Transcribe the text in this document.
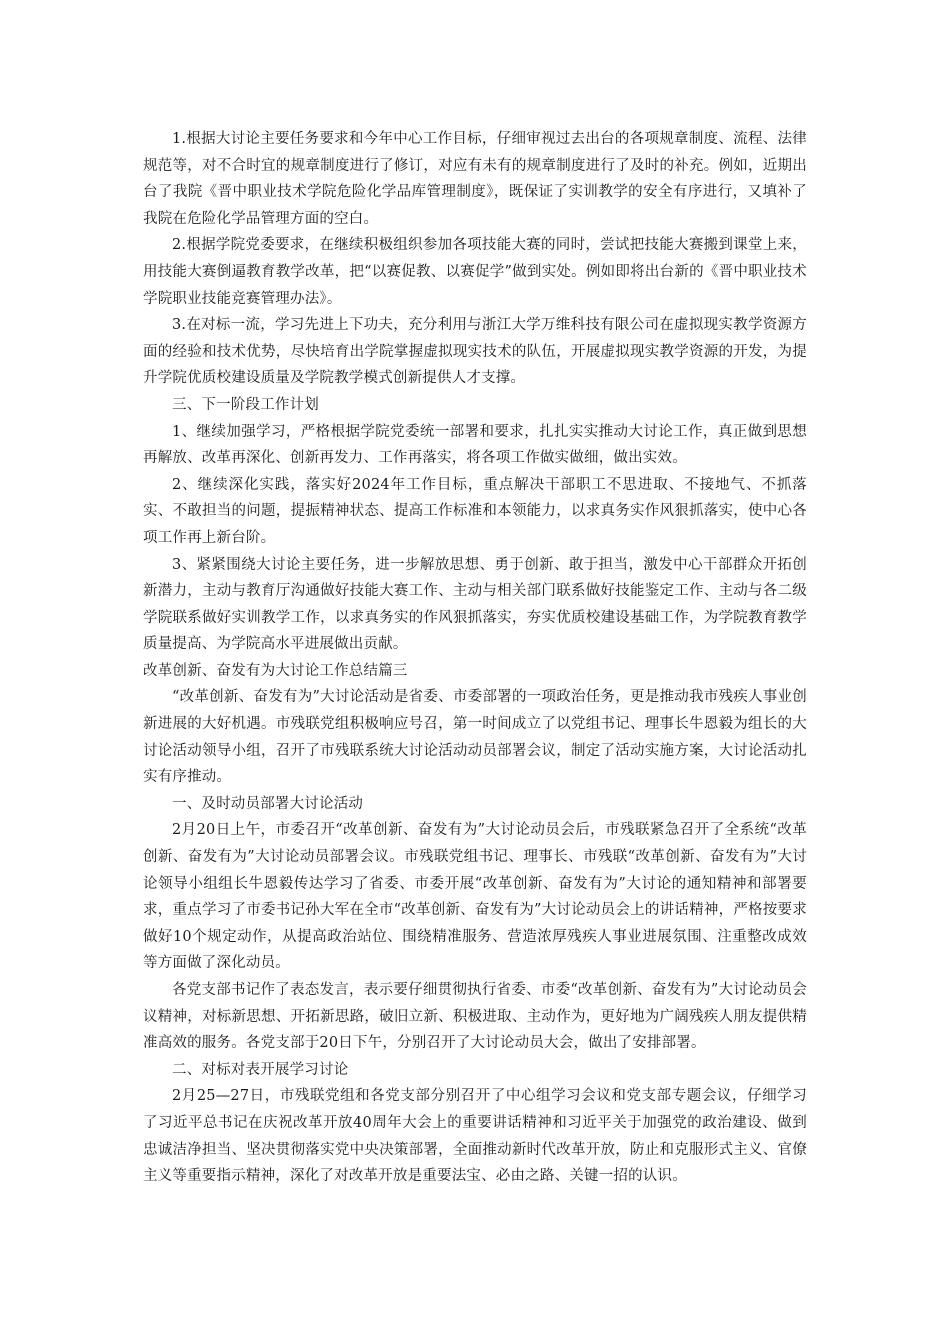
1.根据大讨论主要任务要求和今年中心工作目标，仔细审视过去出台的各项规章制度、流程、法律规范等，对不合时宜的规章制度进行了修订，对应有未有的规章制度进行了及时的补充。例如，近期出台了我院《晋中职业技术学院危险化学品库管理制度》，既保证了实训教学的安全有序进行，又填补了我院在危险化学品管理方面的空白。

2.根据学院党委要求，在继续积极组织参加各项技能大赛的同时，尝试把技能大赛搬到课堂上来，用技能大赛倒逼教育教学改革，把“以赛促教、以赛促学”做到实处。例如即将出台新的《晋中职业技术学院职业技能竞赛管理办法》。

3.在对标一流，学习先进上下功夫，充分利用与浙江大学万维科技有限公司在虚拟现实教学资源方面的经验和技术优势，尽快培育出学院掌握虚拟现实技术的队伍，开展虚拟现实教学资源的开发，为提升学院优质校建设质量及学院教学模式创新提供人才支撑。

三、下一阶段工作计划

1、继续加强学习，严格根据学院党委统一部署和要求，扎扎实实推动大讨论工作，真正做到思想再解放、改革再深化、创新再发力、工作再落实，将各项工作做实做细，做出实效。

2、继续深化实践，落实好2024年工作目标，重点解决干部职工不思进取、不接地气、不抓落实、不敢担当的问题，提振精神状态、提高工作标准和本领能力，以求真务实作风狠抓落实，使中心各项工作再上新台阶。

3、紧紧围绕大讨论主要任务，进一步解放思想、勇于创新、敢于担当，激发中心干部群众开拓创新潜力，主动与教育厅沟通做好技能大赛工作、主动与相关部门联系做好技能鉴定工作、主动与各二级学院联系做好实训教学工作，以求真务实的作风狠抓落实，夯实优质校建设基础工作，为学院教育教学质量提高、为学院高水平进展做出贡献。

改革创新、奋发有为大讨论工作总结篇三

“改革创新、奋发有为”大讨论活动是省委、市委部署的一项政治任务，更是推动我市残疾人事业创新进展的大好机遇。市残联党组积极响应号召，第一时间成立了以党组书记、理事长牛恩毅为组长的大讨论活动领导小组，召开了市残联系统大讨论活动动员部署会议，制定了活动实施方案，大讨论活动扎实有序推动。

一、及时动员部署大讨论活动

2月20日上午，市委召开“改革创新、奋发有为”大讨论动员会后，市残联紧急召开了全系统“改革创新、奋发有为”大讨论动员部署会议。市残联党组书记、理事长、市残联“改革创新、奋发有为”大讨论领导小组组长牛恩毅传达学习了省委、市委开展“改革创新、奋发有为”大讨论的通知精神和部署要求，重点学习了市委书记孙大军在全市“改革创新、奋发有为”大讨论动员会上的讲话精神，严格按要求做好10个规定动作，从提高政治站位、围绕精准服务、营造浓厚残疾人事业进展氛围、注重整改成效等方面做了深化动员。

各党支部书记作了表态发言，表示要仔细贯彻执行省委、市委“改革创新、奋发有为”大讨论动员会议精神，对标新思想、开拓新思路，破旧立新、积极进取、主动作为，更好地为广阔残疾人朋友提供精准高效的服务。各党支部于20日下午，分别召开了大讨论动员大会，做出了安排部署。

二、对标对表开展学习讨论

2月25—27日，市残联党组和各党支部分别召开了中心组学习会议和党支部专题会议，仔细学习了习近平总书记在庆祝改革开放40周年大会上的重要讲话精神和习近平关于加强党的政治建设、做到忠诚洁净担当、坚决贯彻落实党中央决策部署，全面推动新时代改革开放，防止和克服形式主义、官僚主义等重要指示精神，深化了对改革开放是重要法宝、必由之路、关键一招的认识。
